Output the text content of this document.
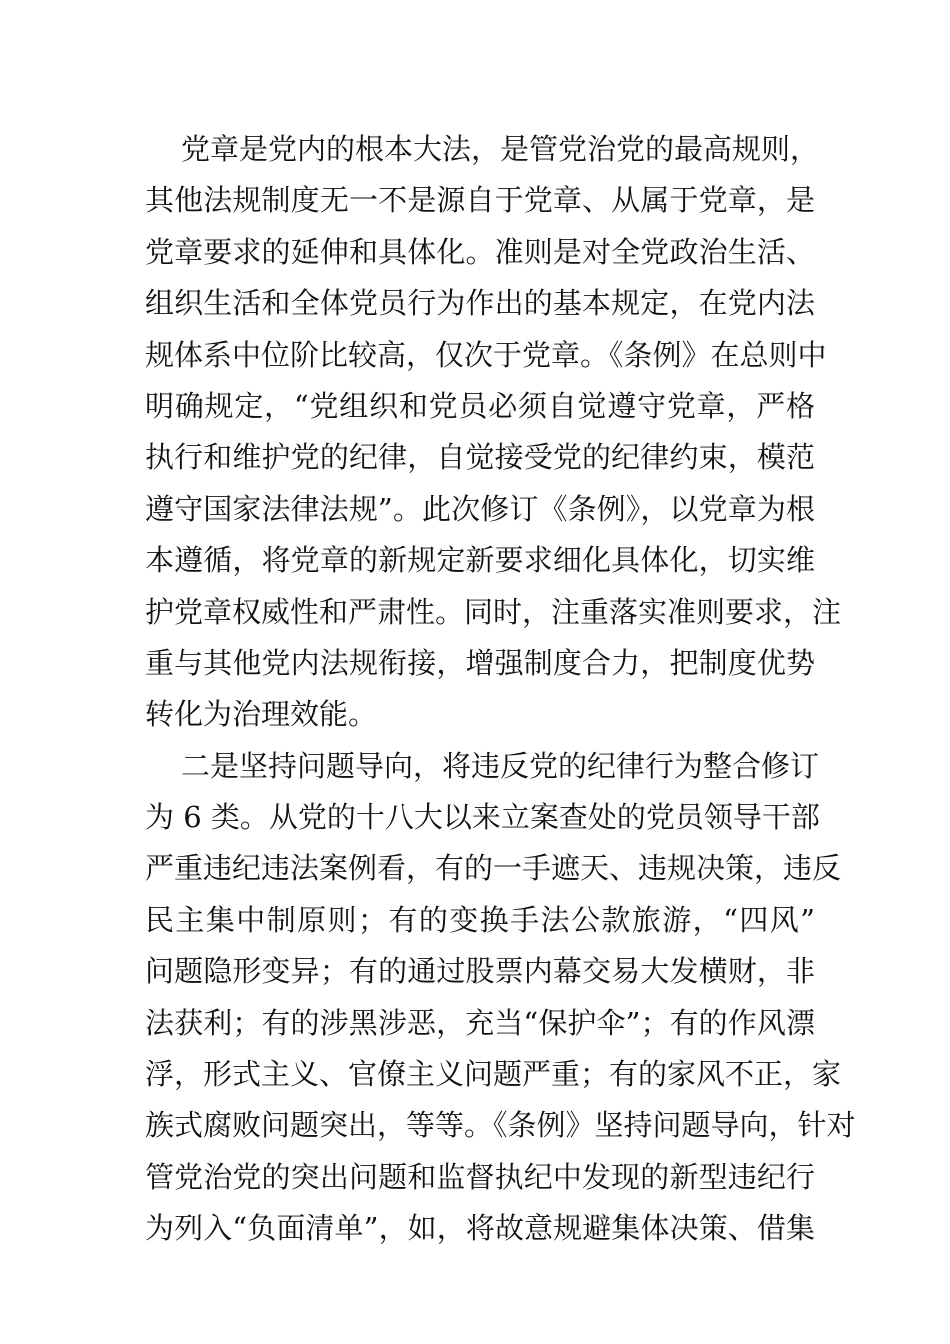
党章是党内的根本大法，是管党治党的最高规则，
其他法规制度无一不是源自于党章、从属于党章，是
党章要求的延伸和具体化。准则是对全党政治生活、
组织生活和全体党员行为作出的基本规定，在党内法
规体系中位阶比较高，仅次于党章。《条例》在总则中
明确规定，“党组织和党员必须自觉遵守党章，严格
执行和维护党的纪律，自觉接受党的纪律约束，模范
遵守国家法律法规”。此次修订《条例》，以党章为根
本遵循，将党章的新规定新要求细化具体化，切实维
护党章权威性和严肃性。同时，注重落实准则要求，注
重与其他党内法规衔接，增强制度合力，把制度优势
转化为治理效能。
二是坚持问题导向，将违反党的纪律行为整合修订
为 6 类。从党的十八大以来立案查处的党员领导干部
严重违纪违法案例看，有的一手遮天、违规决策，违反
民主集中制原则；有的变换手法公款旅游，“四风”
问题隐形变异；有的通过股票内幕交易大发横财，非
法获利；有的涉黑涉恶，充当“保护伞”；有的作风漂
浮，形式主义、官僚主义问题严重；有的家风不正，家
族式腐败问题突出，等等。《条例》坚持问题导向，针对
管党治党的突出问题和监督执纪中发现的新型违纪行
为列入“负面清单”，如，将故意规避集体决策、借集
